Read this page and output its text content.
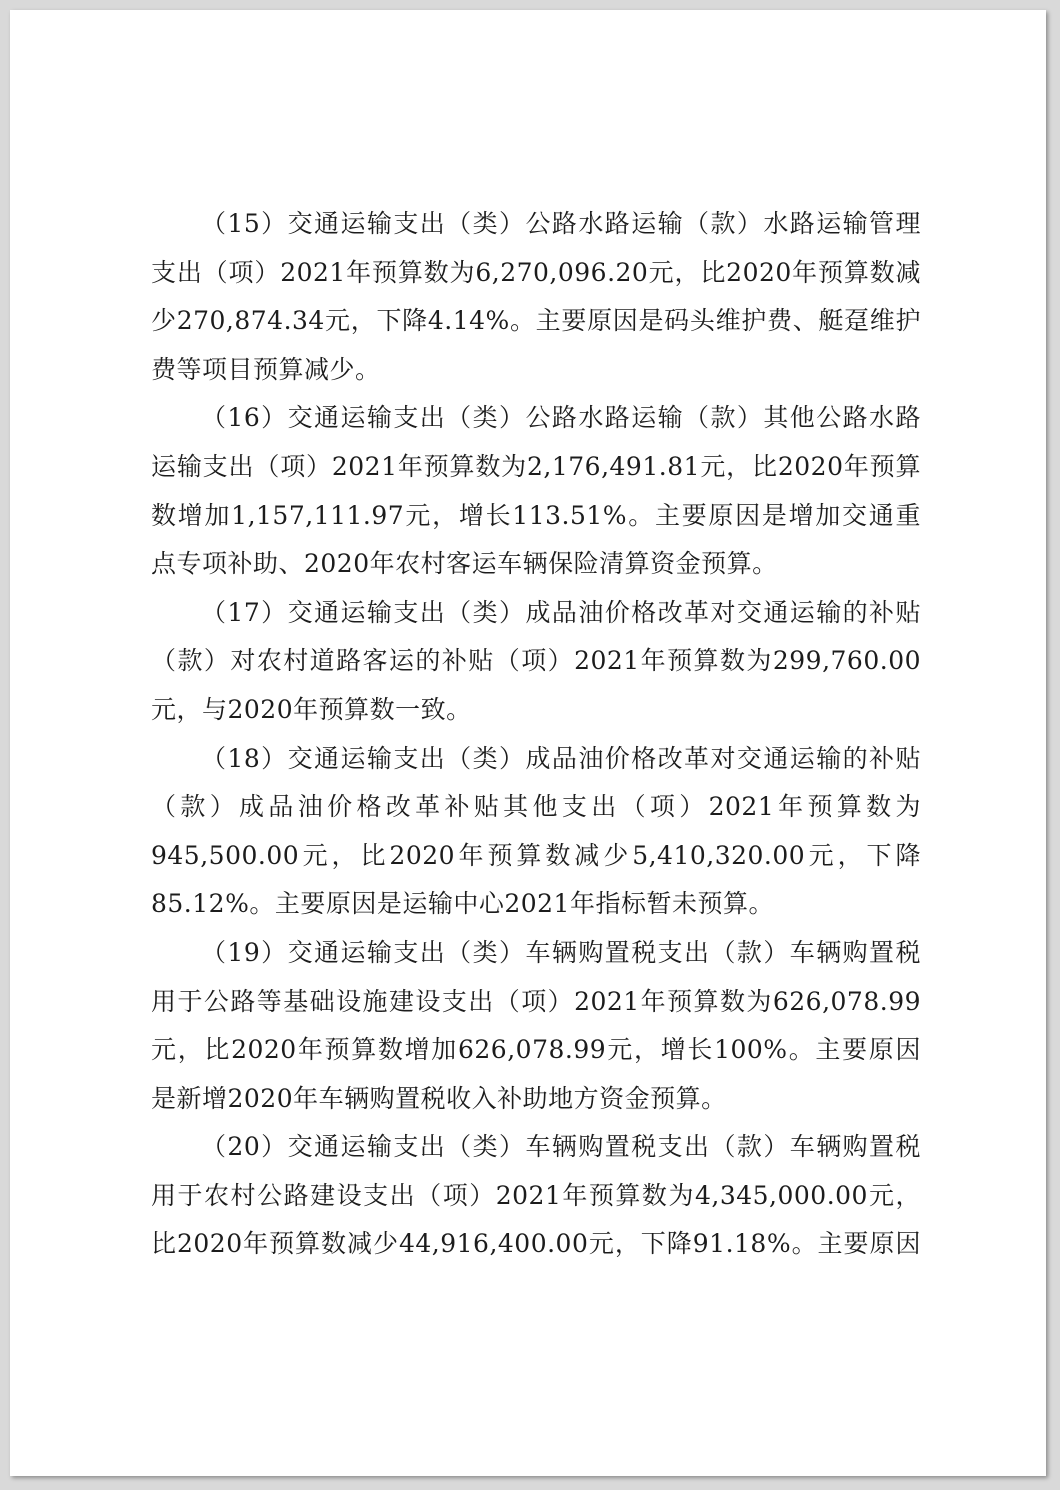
（15）交通运输支出（类）公路水路运输（款）水路运输管理支出（项）2021年预算数为6,270,096.20元，比2020年预算数减少270,874.34元，下降4.14%。主要原因是码头维护费、艇趸维护费等项目预算减少。

（16）交通运输支出（类）公路水路运输（款）其他公路水路运输支出（项）2021年预算数为2,176,491.81元，比2020年预算数增加1,157,111.97元，增长113.51%。主要原因是增加交通重点专项补助、2020年农村客运车辆保险清算资金预算。

（17）交通运输支出（类）成品油价格改革对交通运输的补贴（款）对农村道路客运的补贴（项）2021年预算数为299,760.00元，与2020年预算数一致。

（18）交通运输支出（类）成品油价格改革对交通运输的补贴（款）成品油价格改革补贴其他支出（项）2021年预算数为945,500.00元，比2020年预算数减少5,410,320.00元，下降85.12%。主要原因是运输中心2021年指标暂未预算。

（19）交通运输支出（类）车辆购置税支出（款）车辆购置税用于公路等基础设施建设支出（项）2021年预算数为626,078.99元，比2020年预算数增加626,078.99元，增长100%。主要原因是新增2020年车辆购置税收入补助地方资金预算。

（20）交通运输支出（类）车辆购置税支出（款）车辆购置税用于农村公路建设支出（项）2021年预算数为4,345,000.00元，比2020年预算数减少44,916,400.00元，下降91.18%。主要原因
